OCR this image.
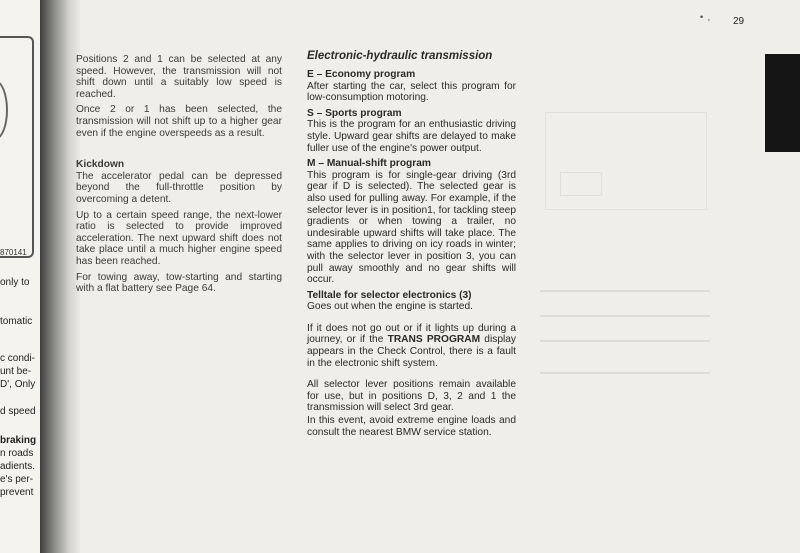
870141
only to
tomatic
c condi-
unt be-
D', Only
d speed
braking
n roads
adients.
e's per-
prevent
• , 29

Positions 2 and 1 can be selected at any speed. However, the transmission will not shift down until a suitably low speed is reached.

Once 2 or 1 has been selected, the transmission will not shift up to a higher gear even if the engine overspeeds as a result.

Kickdown

The accelerator pedal can be depressed beyond the full-throttle position by overcoming a detent.

Up to a certain speed range, the next-lower ratio is selected to provide improved acceleration. The next upward shift does not take place until a much higher engine speed has been reached.

For towing away, tow-starting and starting with a flat battery see Page 64.

Electronic-hydraulic transmission
E – Economy program

After starting the car, select this program for low-consumption motoring.

S – Sports program

This is the program for an enthusiastic driving style. Upward gear shifts are delayed to make fuller use of the engine's power output.

M – Manual-shift program

This program is for single-gear driving (3rd gear if D is selected). The selected gear is also used for pulling away. For example, if the selector lever is in position1, for tackling steep gradients or when towing a trailer, no undesirable upward shifts will take place. The same applies to driving on icy roads in winter; with the selector lever in position 3, you can pull away smoothly and no gear shifts will occur.

Telltale for selector electronics (3)

Goes out when the engine is started.

If it does not go out or if it lights up during a journey, or if the TRANS PROGRAM display appears in the Check Control, there is a fault in the electronic shift system.

All selector lever positions remain available for use, but in positions D, 3, 2 and 1 the transmission will select 3rd gear.

In this event, avoid extreme engine loads and consult the nearest BMW service station.
